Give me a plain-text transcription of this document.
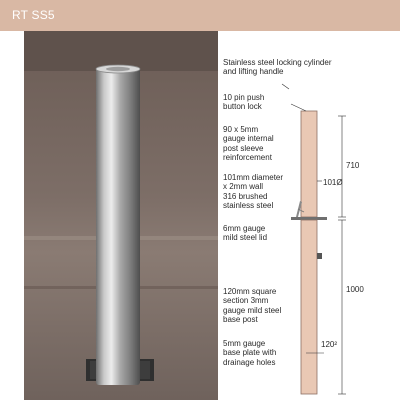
RT SS5
Stainless steel locking cylinder
and lifting handle
10 pin push
button lock
90 x 5mm
gauge internal
post sleeve
reinforcement
101mm diameter
x 2mm wall
316 brushed
stainless steel
6mm gauge
mild steel lid
120mm square
section 3mm
gauge mild steel
base post
5mm gauge
base plate with
drainage holes
710
101Ø
1000
120²
